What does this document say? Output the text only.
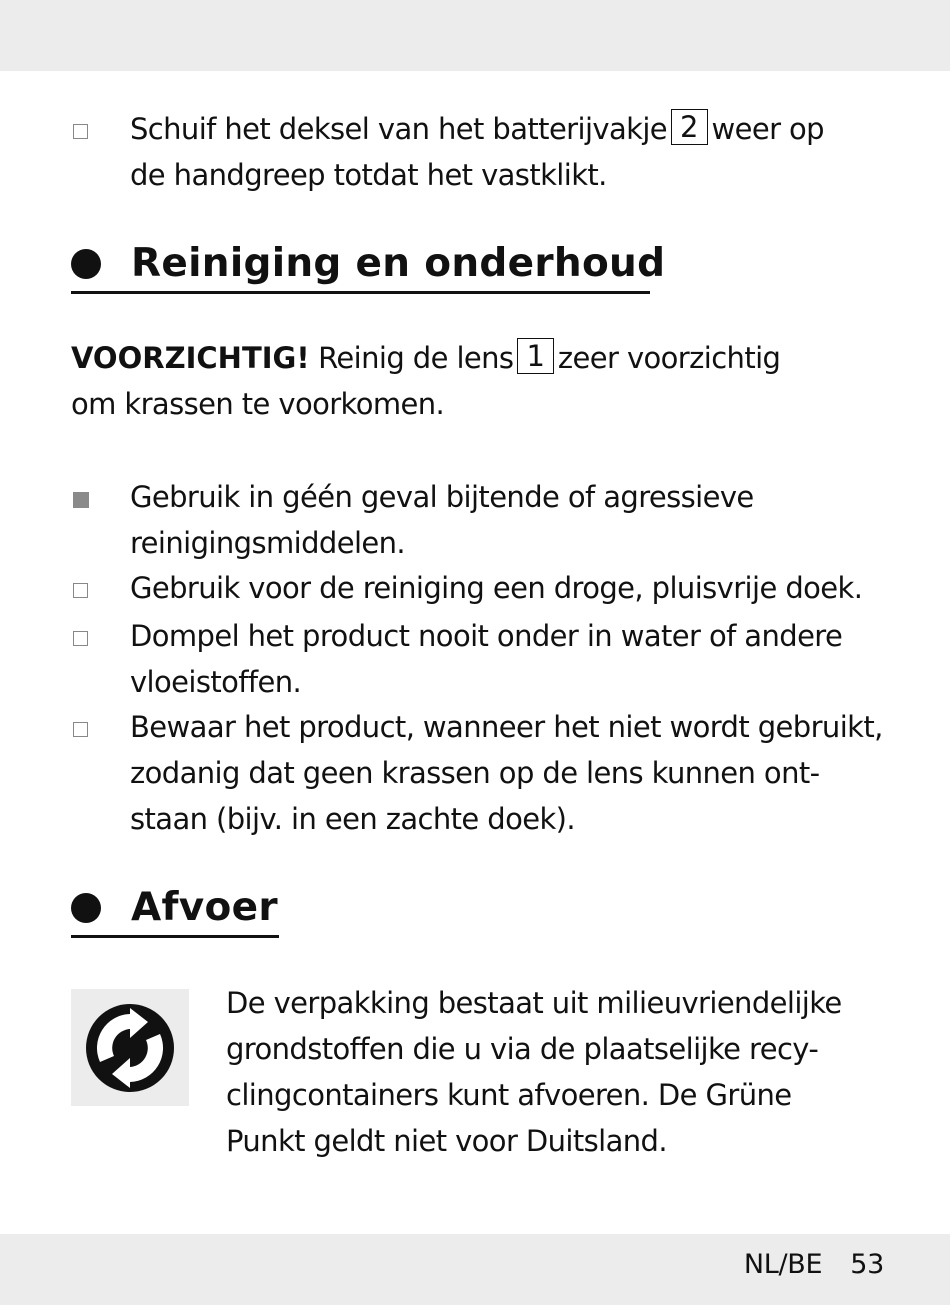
Schuif het deksel van het batterijvakje 2 weer op
de handgreep totdat het vastklikt.
Reiniging en onderhoud
VOORZICHTIG! Reinig de lens 1 zeer voorzichtig
om krassen te voorkomen.
Gebruik in géén geval bijtende of agressieve
reinigingsmiddelen.
Gebruik voor de reiniging een droge, pluisvrije doek.
Dompel het product nooit onder in water of andere
vloeistoffen.
Bewaar het product, wanneer het niet wordt gebruikt,
zodanig dat geen krassen op de lens kunnen ont-
staan (bijv. in een zachte doek).
Afvoer
De verpakking bestaat uit milieuvriendelijke
grondstoffen die u via de plaatselijke recy-
clingcontainers kunt afvoeren. De Grüne
Punkt geldt niet voor Duitsland.
NL/BE 53
